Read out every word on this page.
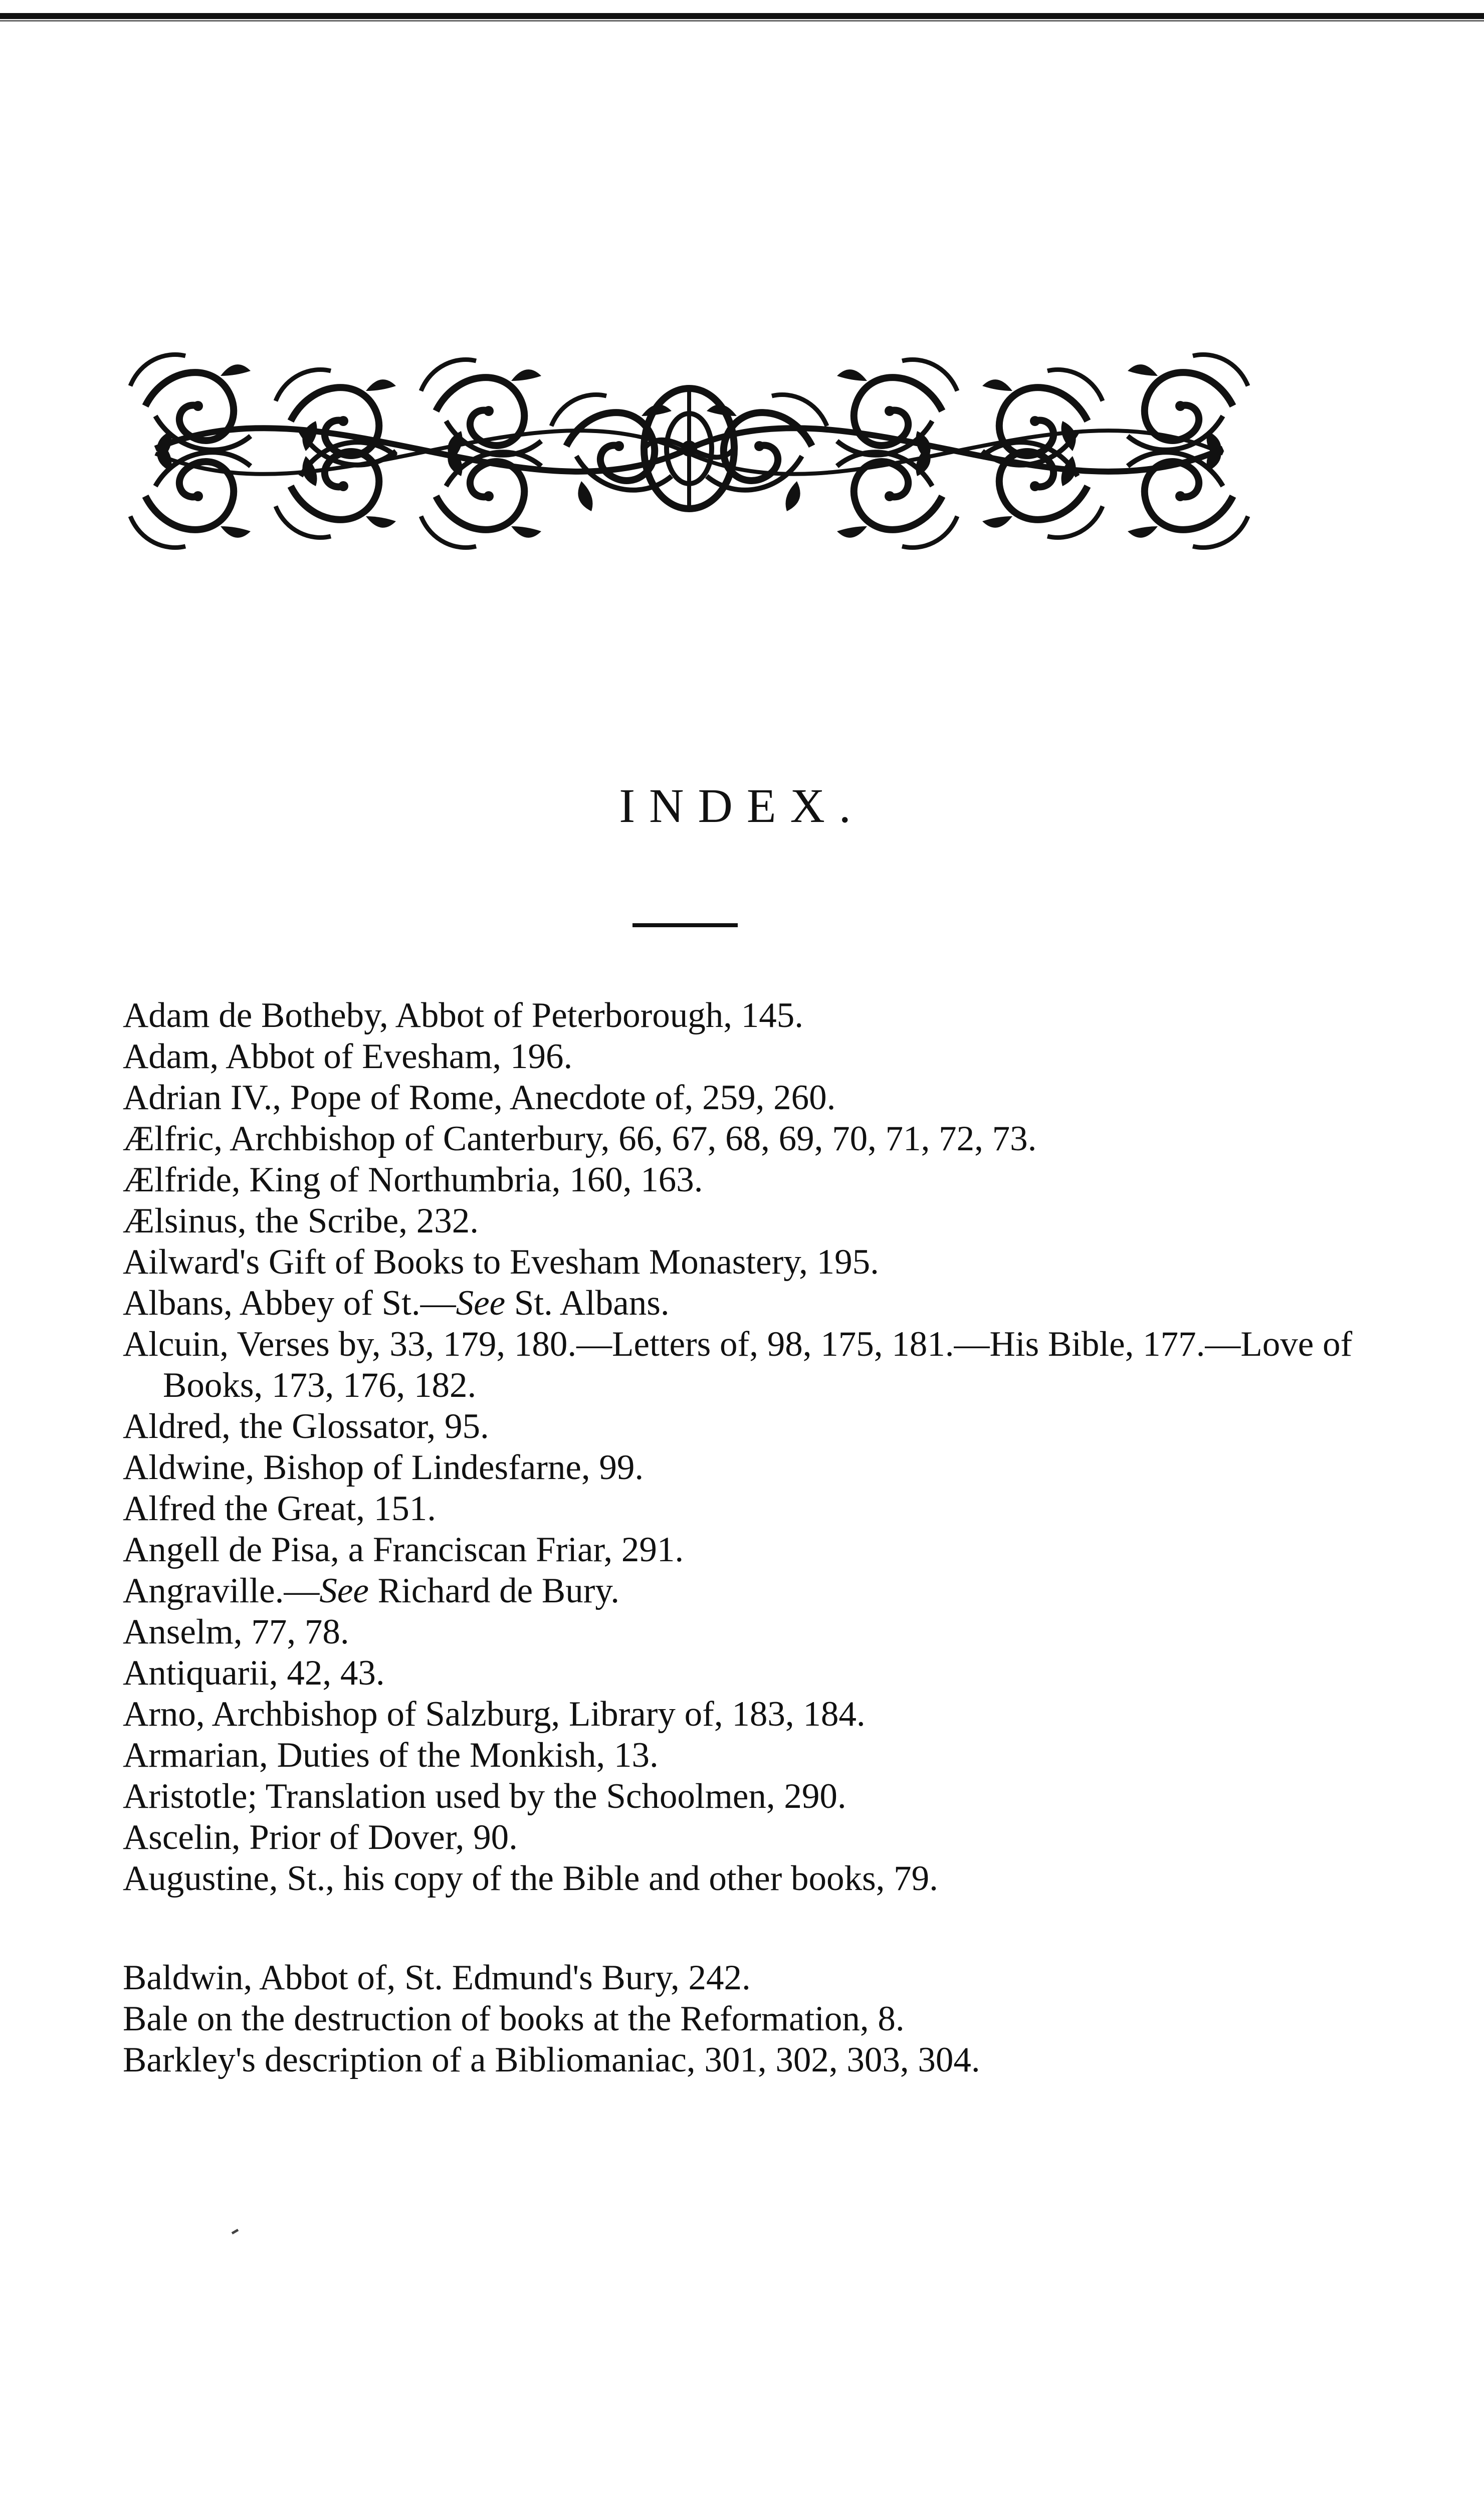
INDEX.
Adam de Botheby, Abbot of Peterborough, 145.
Adam, Abbot of Evesham, 196.
Adrian IV., Pope of Rome, Anecdote of, 259, 260.
Ælfric, Archbishop of Canterbury, 66, 67, 68, 69, 70, 71, 72, 73.
Ælfride, King of Northumbria, 160, 163.
Ælsinus, the Scribe, 232.
Ailward's Gift of Books to Evesham Monastery, 195.
Albans, Abbey of St.—See St. Albans.
Alcuin, Verses by, 33, 179, 180.—Letters of, 98, 175, 181.—His Bible, 177.—Love of Books, 173, 176, 182.
Aldred, the Glossator, 95.
Aldwine, Bishop of Lindesfarne, 99.
Alfred the Great, 151.
Angell de Pisa, a Franciscan Friar, 291.
Angraville.—See Richard de Bury.
Anselm, 77, 78.
Antiquarii, 42, 43.
Arno, Archbishop of Salzburg, Library of, 183, 184.
Armarian, Duties of the Monkish, 13.
Aristotle; Translation used by the Schoolmen, 290.
Ascelin, Prior of Dover, 90.
Augustine, St., his copy of the Bible and other books, 79.
Baldwin, Abbot of, St. Edmund's Bury, 242.
Bale on the destruction of books at the Reformation, 8.
Barkley's description of a Bibliomaniac, 301, 302, 303, 304.
